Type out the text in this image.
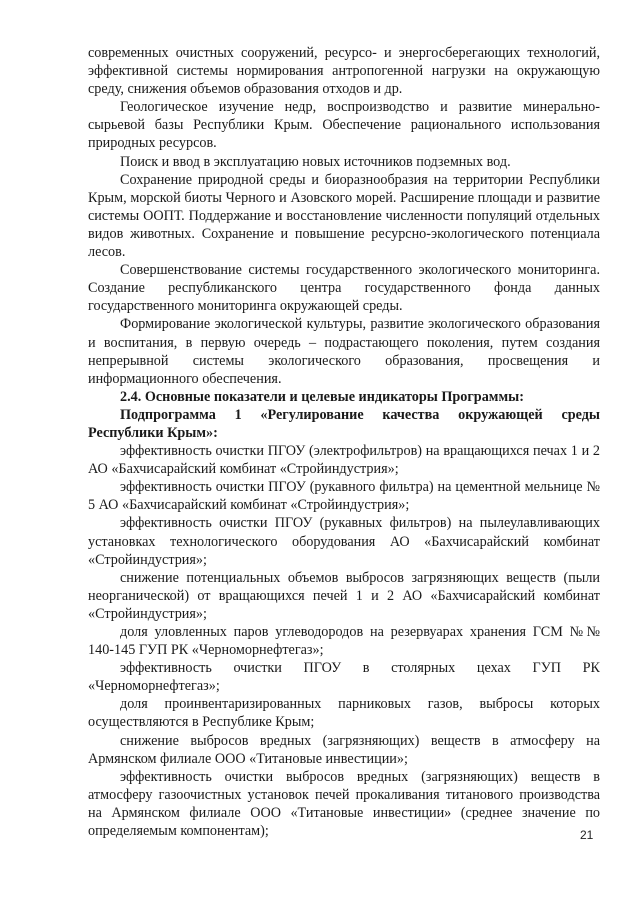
современных очистных сооружений, ресурсо- и энергосберегающих технологий, эффективной системы нормирования антропогенной нагрузки на окружающую среду, снижения объемов образования отходов и др.

Геологическое изучение недр, воспроизводство и развитие минерально-сырьевой базы Республики Крым. Обеспечение рационального использования природных ресурсов.

Поиск и ввод в эксплуатацию новых источников подземных вод.

Сохранение природной среды и биоразнообразия на территории Республики Крым, морской биоты Черного и Азовского морей. Расширение площади и развитие системы ООПТ. Поддержание и восстановление численности популяций отдельных видов животных. Сохранение и повышение ресурсно-экологического потенциала лесов.

Совершенствование системы государственного экологического мониторинга. Создание республиканского центра государственного фонда данных государственного мониторинга окружающей среды.

Формирование экологической культуры, развитие экологического образования и воспитания, в первую очередь – подрастающего поколения, путем создания непрерывной системы экологического образования, просвещения и информационного обеспечения.

2.4. Основные показатели и целевые индикаторы Программы:

Подпрограмма 1 «Регулирование качества окружающей среды Республики Крым»:

эффективность очистки ПГОУ (электрофильтров) на вращающихся печах 1 и 2 АО «Бахчисарайский комбинат «Стройиндустрия»;

эффективность очистки ПГОУ (рукавного фильтра) на цементной мельнице № 5 АО «Бахчисарайский комбинат «Стройиндустрия»;

эффективность очистки ПГОУ (рукавных фильтров) на пылеулавливающих установках технологического оборудования АО «Бахчисарайский комбинат «Стройиндустрия»;

снижение потенциальных объемов выбросов загрязняющих веществ (пыли неорганической) от вращающихся печей 1 и 2 АО «Бахчисарайский комбинат «Стройиндустрия»;

доля уловленных паров углеводородов на резервуарах хранения ГСМ №№ 140-145 ГУП РК «Черноморнефтегаз»;

эффективность очистки ПГОУ в столярных цехах ГУП РК «Черноморнефтегаз»;

доля проинвентаризированных парниковых газов, выбросы которых осуществляются в Республике Крым;

снижение выбросов вредных (загрязняющих) веществ в атмосферу на Армянском филиале ООО «Титановые инвестиции»;

эффективность очистки выбросов вредных (загрязняющих) веществ в атмосферу газоочистных установок печей прокаливания титанового производства на Армянском филиале ООО «Титановые инвестиции» (среднее значение по определяемым компонентам);	21
